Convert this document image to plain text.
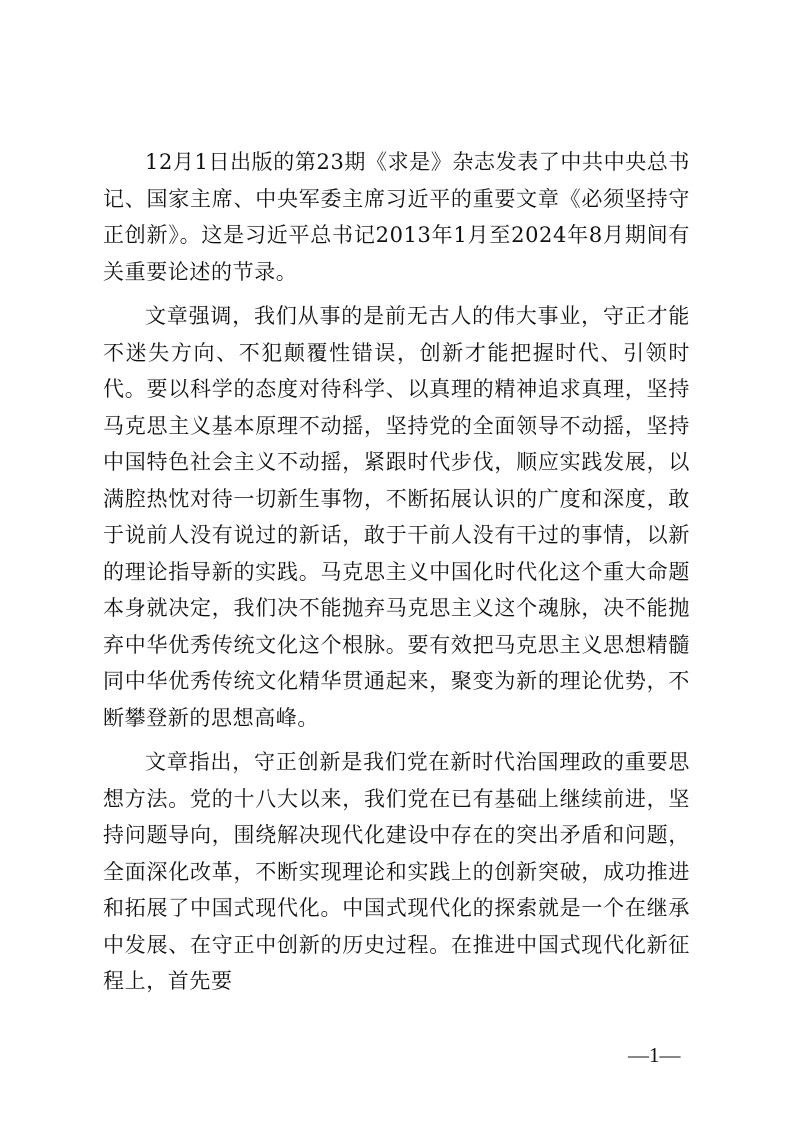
12月1日出版的第23期《求是》杂志发表了中共中央总书记、国家主席、中央军委主席习近平的重要文章《必须坚持守正创新》。这是习近平总书记2013年1月至2024年8月期间有关重要论述的节录。

文章强调，我们从事的是前无古人的伟大事业，守正才能不迷失方向、不犯颠覆性错误，创新才能把握时代、引领时代。要以科学的态度对待科学、以真理的精神追求真理，坚持马克思主义基本原理不动摇，坚持党的全面领导不动摇，坚持中国特色社会主义不动摇，紧跟时代步伐，顺应实践发展，以满腔热忱对待一切新生事物，不断拓展认识的广度和深度，敢于说前人没有说过的新话，敢于干前人没有干过的事情，以新的理论指导新的实践。马克思主义中国化时代化这个重大命题本身就决定，我们决不能抛弃马克思主义这个魂脉，决不能抛弃中华优秀传统文化这个根脉。要有效把马克思主义思想精髓同中华优秀传统文化精华贯通起来，聚变为新的理论优势，不断攀登新的思想高峰。

文章指出，守正创新是我们党在新时代治国理政的重要思想方法。党的十八大以来，我们党在已有基础上继续前进，坚持问题导向，围绕解决现代化建设中存在的突出矛盾和问题，全面深化改革，不断实现理论和实践上的创新突破，成功推进和拓展了中国式现代化。中国式现代化的探索就是一个在继承中发展、在守正中创新的历史过程。在推进中国式现代化新征程上，首先要

—1—
